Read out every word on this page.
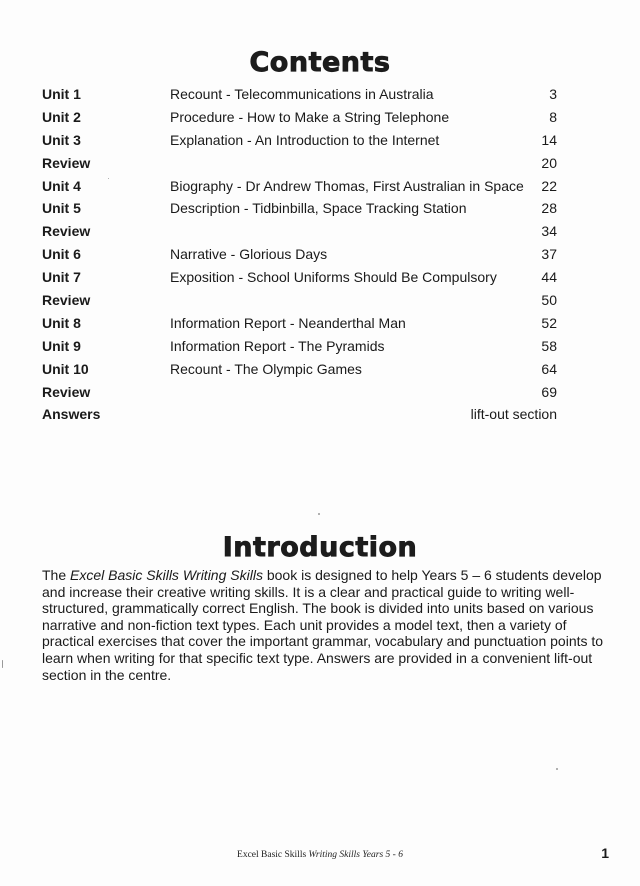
Contents
Unit 1	Recount - Telecommunications in Australia	3
Unit 2	Procedure - How to Make a String Telephone	8
Unit 3	Explanation - An Introduction to the Internet	14
Review	20
Unit 4	Biography - Dr Andrew Thomas, First Australian in Space 22
Unit 5	Description - Tidbinbilla, Space Tracking Station	28
Review	34
Unit 6	Narrative - Glorious Days	37
Unit 7	Exposition - School Uniforms Should Be Compulsory	44
Review	50
Unit 8	Information Report - Neanderthal Man	52
Unit 9	Information Report - The Pyramids	58
Unit 10	Recount - The Olympic Games	64
Review	69
Answers	lift-out section
Introduction
The Excel Basic Skills Writing Skills book is designed to help Years 5 – 6 students develop and increase their creative writing skills. It is a clear and practical guide to writing well-structured, grammatically correct English. The book is divided into units based on various narrative and non-fiction text types. Each unit provides a model text, then a variety of practical exercises that cover the important grammar, vocabulary and punctuation points to learn when writing for that specific text type. Answers are provided in a convenient lift-out section in the centre.
Excel Basic Skills Writing Skills Years 5 - 6	1
